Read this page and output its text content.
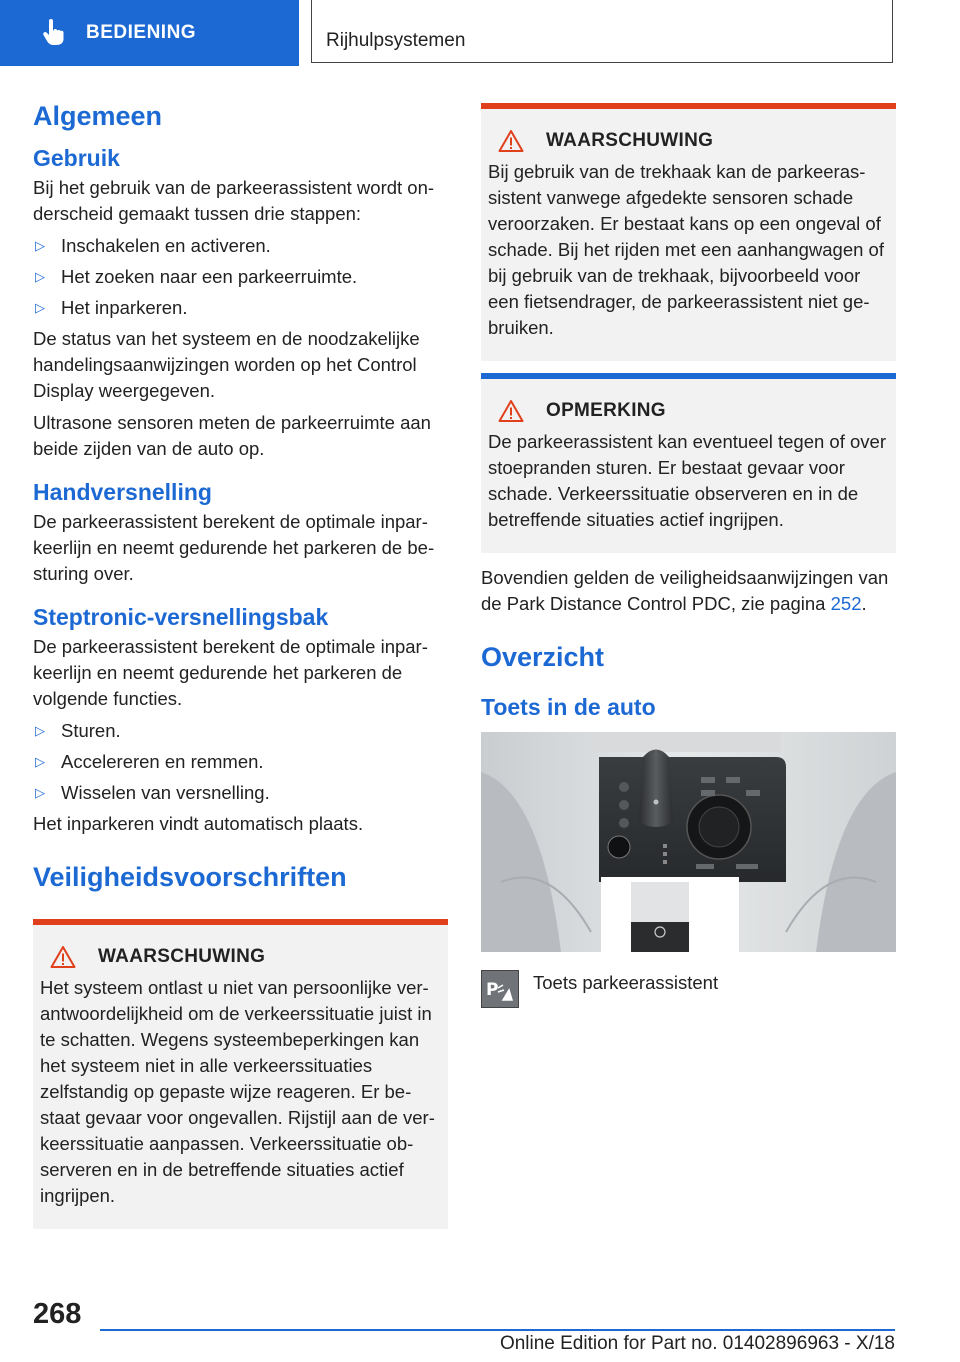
BEDIENING	Rijhulpsystemen
Algemeen
Gebruik

Bij het gebruik van de parkeerassistent wordt onderscheid gemaakt tussen drie stappen:

▷ Inschakelen en activeren.
▷ Het zoeken naar een parkeerruimte.
▷ Het inparkeren.

De status van het systeem en de noodzakelijke handelingsaanwijzingen worden op het Control Display weergegeven.

Ultrasone sensoren meten de parkeerruimte aan beide zijden van de auto op.

Handversnelling

De parkeerassistent berekent de optimale inparkeerlijn en neemt gedurende het parkeren de besturing over.

Steptronic-versnellingsbak

De parkeerassistent berekent de optimale inparkeerlijn en neemt gedurende het parkeren de volgende functies.

▷ Sturen.
▷ Accelereren en remmen.
▷ Wisselen van versnelling.

Het inparkeren vindt automatisch plaats.

Veiligheidsvoorschriften
WAARSCHUWING

Het systeem ontlast u niet van persoonlijke verantwoordelijkheid om de verkeerssituatie juist in te schatten. Wegens systeembeperkingen kan het systeem niet in alle verkeerssituaties zelfstandig op gepaste wijze reageren. Er bestaat gevaar voor ongevallen. Rijstijl aan de verkeerssituatie aanpassen. Verkeerssituatie observeren en in de betreffende situaties actief ingrijpen.

WAARSCHUWING

Bij gebruik van de trekhaak kan de parkeerassistent vanwege afgedekte sensoren schade veroorzaken. Er bestaat kans op een ongeval of schade. Bij het rijden met een aanhangwagen of bij gebruik van de trekhaak, bijvoorbeeld voor een fietsendrager, de parkeerassistent niet gebruiken.

OPMERKING

De parkeerassistent kan eventueel tegen of over stoepranden sturen. Er bestaat gevaar voor schade. Verkeerssituatie observeren en in de betreffende situaties actief ingrijpen.

Bovendien gelden de veiligheidsaanwijzingen van de Park Distance Control PDC, zie pagina 252.

Overzicht
Toets in de auto
P Toets parkeerassistent

268
Online Edition for Part no. 01402896963 - X/18
